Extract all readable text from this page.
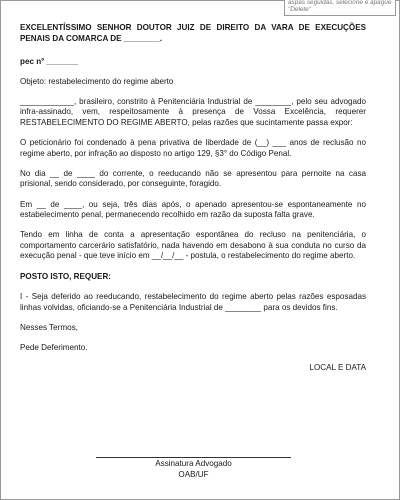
aspas seguidas, selecione e apague "Delete"
EXCELENTÍSSIMO SENHOR DOUTOR JUIZ DE DIREITO DA VARA DE EXECUÇÕES PENAIS DA COMARCA DE ________.
pec n° _______

Objeto: restabelecimento do regime aberto

____________, brasileiro, constrito à Penitenciária Industrial de ________, pelo seu advogado infra-assinado, vem, respeitosamente à presença de Vossa Excelência, requerer RESTABELECIMENTO DO REGIME ABERTO, pelas razões que sucintamente passa expor:

O peticionário foi condenado à pena privativa de liberdade de (__) ___ anos de reclusão no regime aberto, por infração ao disposto no artigo 129, §3° do Código Penal.

No dia __ de ____ do corrente, o reeducando não se apresentou para pernoite na casa prisional, sendo considerado, por conseguinte, foragido.

Em __ de ____, ou seja, três dias após, o apenado apresentou-se espontaneamente no estabelecimento penal, permanecendo recolhido em razão da suposta falta grave.

Tendo em linha de conta a apresentação espontânea do recluso na penitenciária, o comportamento carcerário satisfatório, nada havendo em desabono à sua conduta no curso da execução penal - que teve início em __/__/__ - postula, o restabelecimento do regime aberto.

POSTO ISTO, REQUER:

I - Seja deferido ao reeducando, restabelecimento do regime aberto pelas razões esposadas linhas volvidas, oficiando-se a Penitenciária Industrial de ________ para os devidos fins.

Nesses Termos,

Pede Deferimento.

LOCAL E DATA
Assinatura Advogado
OAB/UF
